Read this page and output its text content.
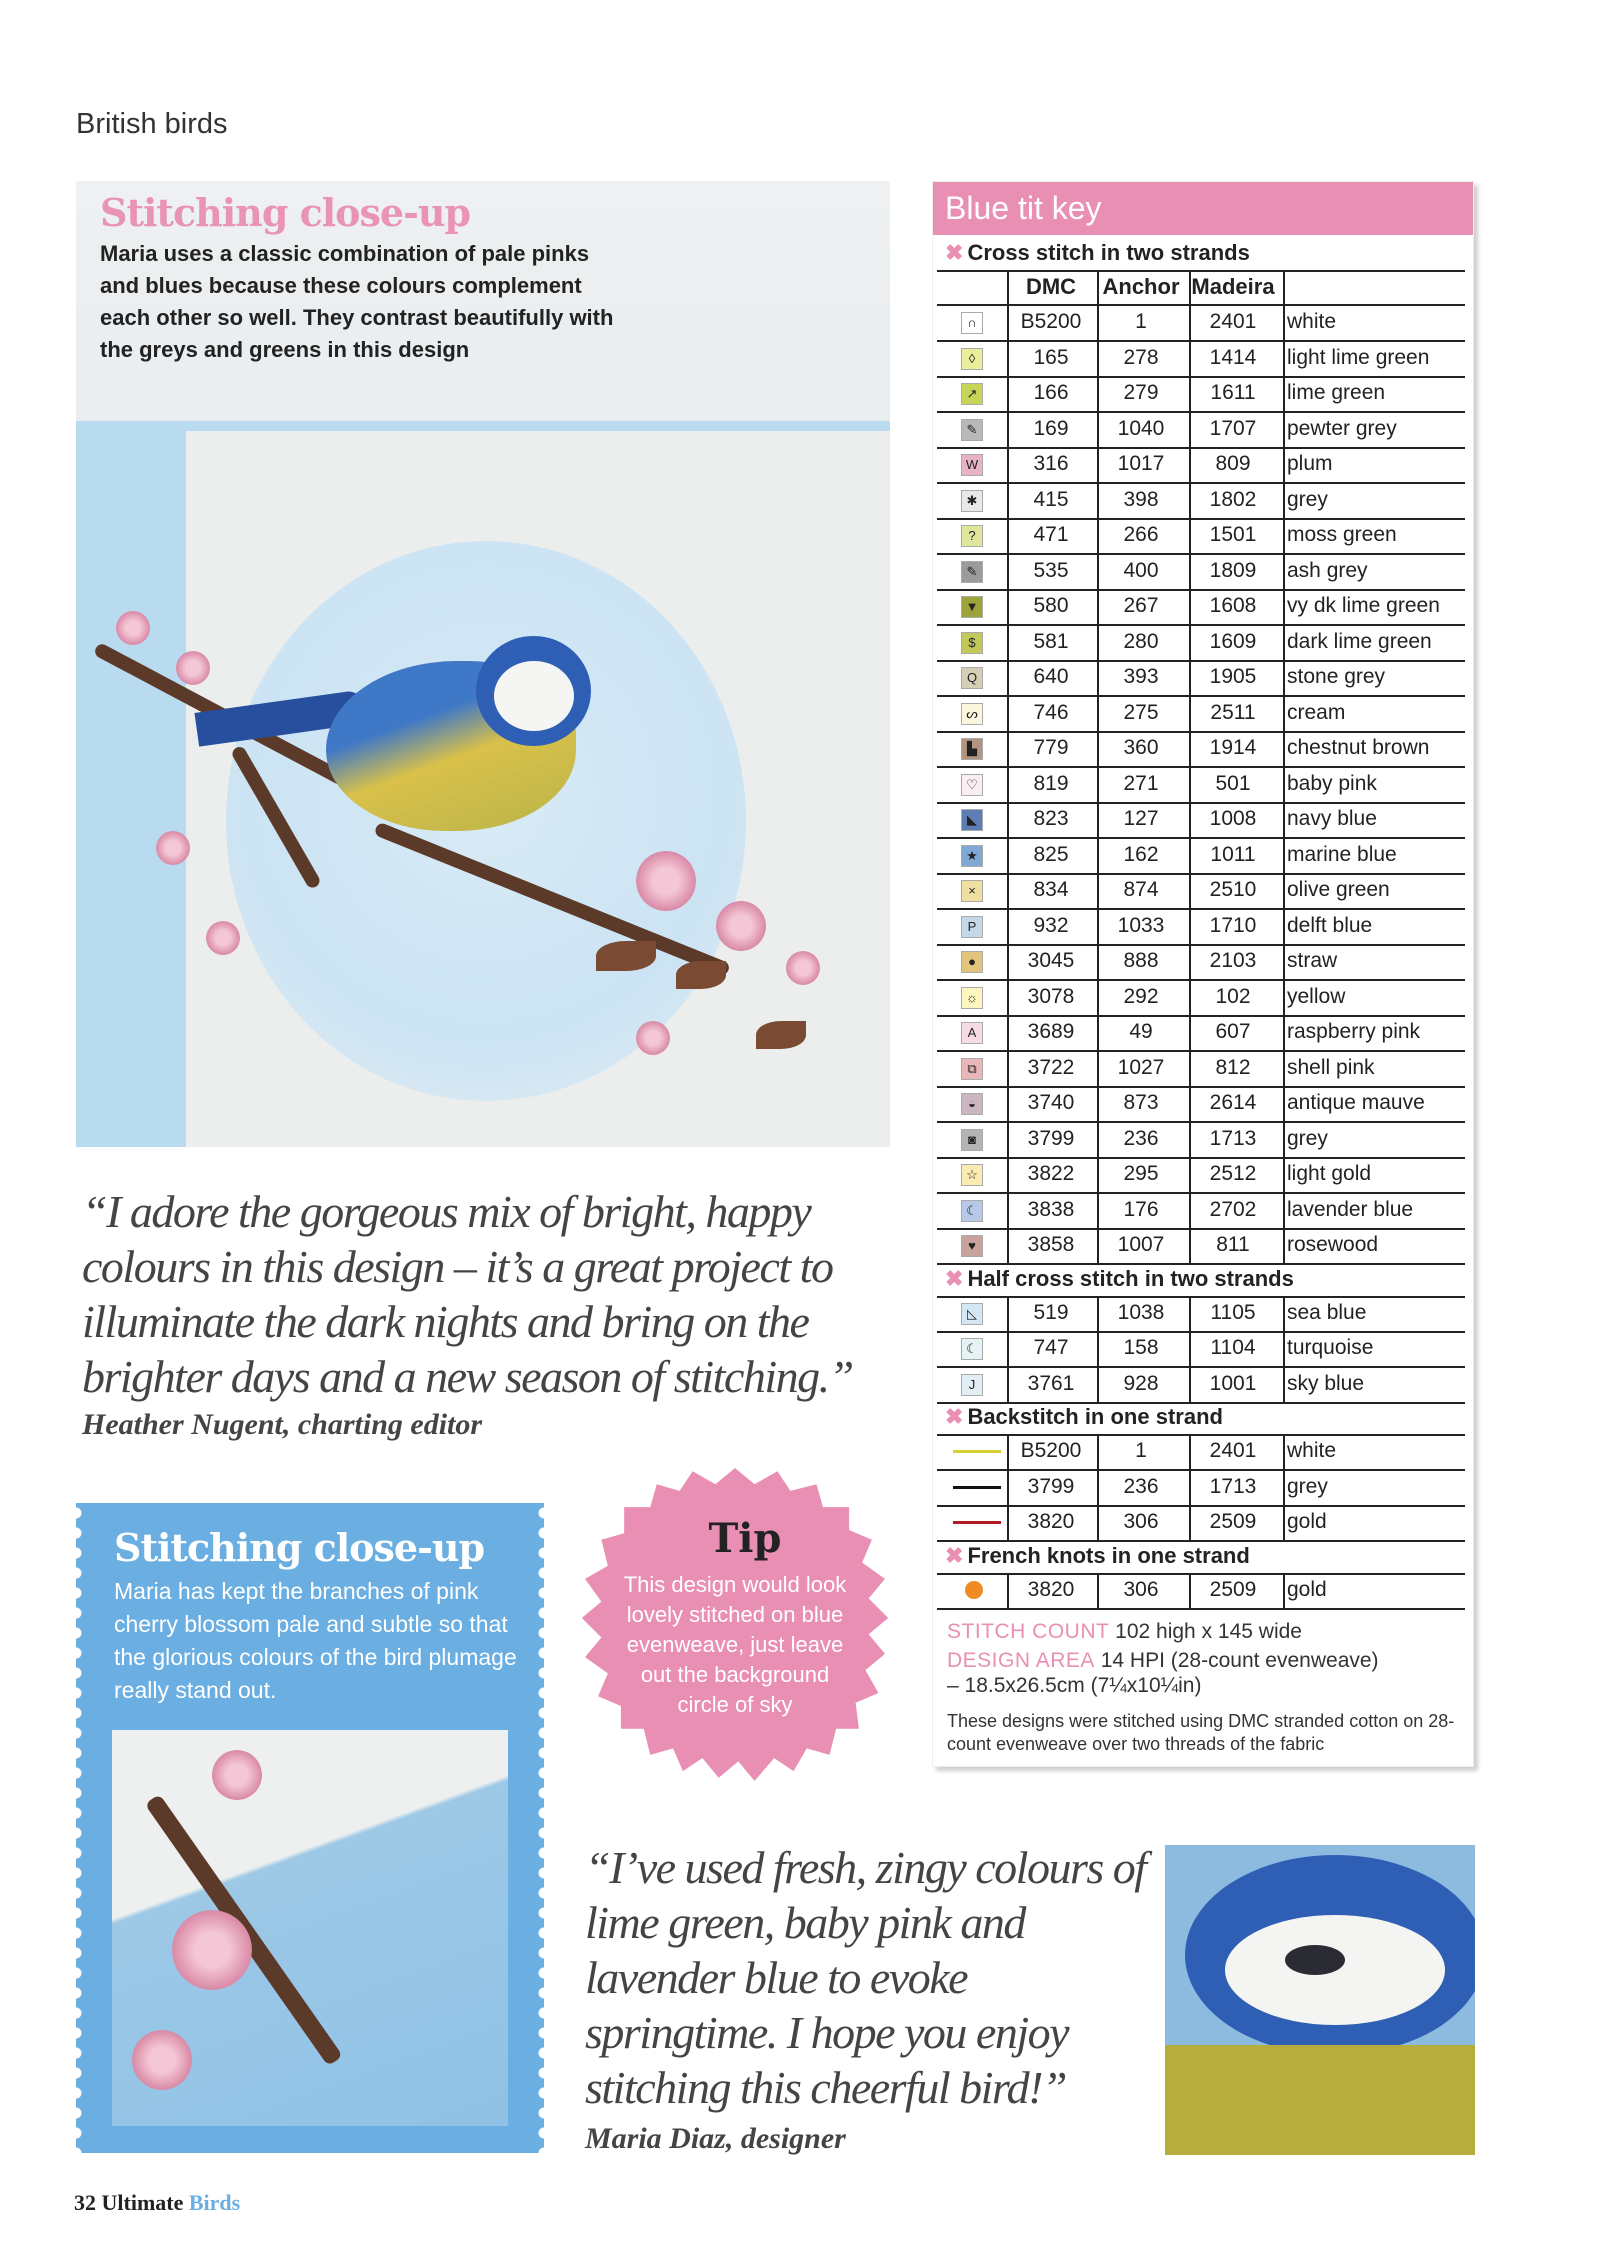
British birds
Stitching close-up
Maria uses a classic combination of pale pinks and blues because these colours complement each other so well. They contrast beautifully with the greys and greens in this design
“I adore the gorgeous mix of bright, happy colours in this design – it’s a great project to illuminate the dark nights and bring on the brighter days and a new season of stitching.”
Heather Nugent, charting editor
Stitching close-up
Maria has kept the branches of pink cherry blossom pale and subtle so that the glorious colours of the bird plumage really stand out.
Tip
This design would look lovely stitched on blue evenweave, just leave out the background circle of sky
Blue tit key
✖ Cross stitch in two strands
DMC	Anchor Madeira
∩	B5200	1	2401	white
◊	165	278	1414	light lime green
↗	166	279	1611	lime green
✎	169	1040	1707	pewter grey
W	316	1017	809	plum
✱	415	398	1802	grey
?	471	266	1501	moss green
✎	535	400	1809	ash grey
▼	580	267	1608	vy dk lime green
$	581	280	1609	dark lime green
Q	640	393	1905	stone grey
ᔕ	746	275	2511	cream
▙	779	360	1914	chestnut brown
♡	819	271	501	baby pink
◣	823	127	1008	navy blue
★	825	162	1011	marine blue
×	834	874	2510	olive green
P	932	1033	1710	delft blue
●	3045	888	2103	straw
☼	3078	292	102	yellow
A	3689	49	607	raspberry pink
⧉	3722	1027	812	shell pink
◒	3740	873	2614	antique mauve
◙	3799	236	1713	grey
☆	3822	295	2512	light gold
☾	3838	176	2702	lavender blue
♥	3858	1007	811	rosewood
✖ Half cross stitch in two strands
◺	519	1038	1105	sea blue
☾	747	158	1104	turquoise
J	3761	928	1001	sky blue
✖ Backstitch in one strand
B5200	1	2401	white
3799	236	1713	grey
3820	306	2509	gold
✖ French knots in one strand
3820	306	2509	gold
STITCH COUNT 102 high x 145 wide
DESIGN AREA 14 HPI (28-count evenweave)
– 18.5x26.5cm (7¼x10¼in)
These designs were stitched using DMC stranded cotton on 28-count evenweave over two threads of the fabric
“I’ve used fresh, zingy colours of lime green, baby pink and lavender blue to evoke springtime. I hope you enjoy stitching this cheerful bird!”
Maria Diaz, designer
32 Ultimate Birds
